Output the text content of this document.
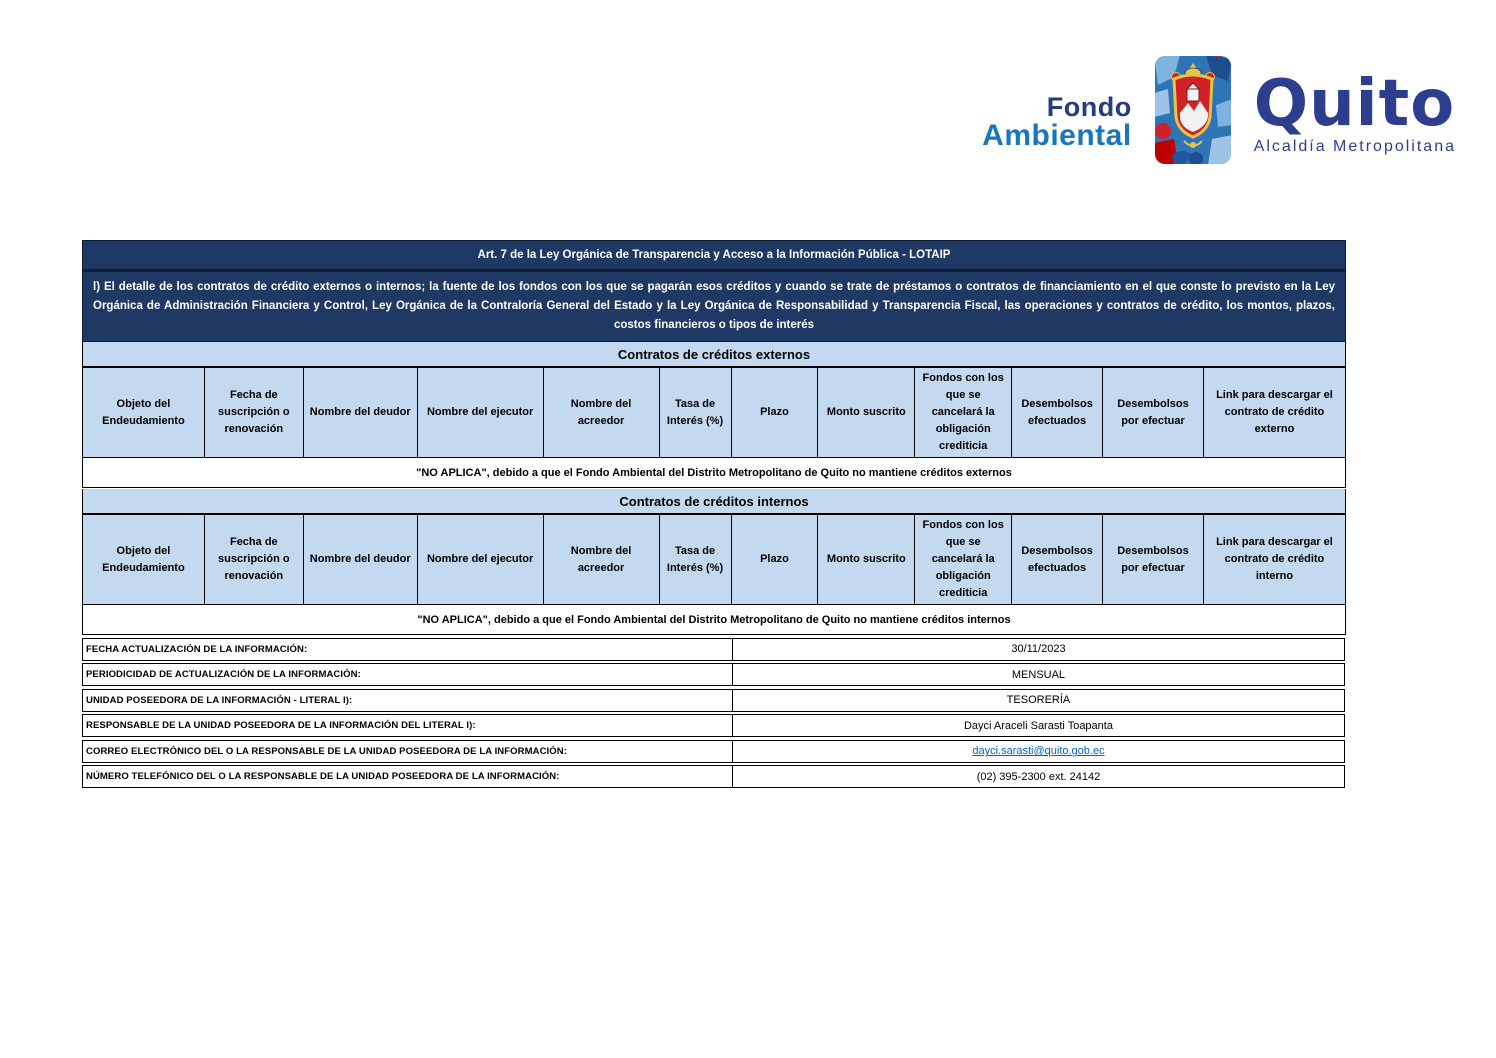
Fondo
Ambiental Quito
Alcaldía Metropolitana
Art. 7 de la Ley Orgánica de Transparencia y Acceso a la Información Pública - LOTAIP
l) El detalle de los contratos de crédito externos o internos; la fuente de los fondos con los que se pagarán esos créditos y cuando se trate de préstamos o contratos de financiamiento en el que conste lo previsto en la Ley Orgánica de Administración Financiera y Control, Ley Orgánica de la Contraloría General del Estado y la Ley Orgánica de Responsabilidad y Transparencia Fiscal, las operaciones y contratos de crédito, los montos, plazos, costos financieros o tipos de interés
Contratos de créditos externos
Objeto del Endeudamiento	Fecha de suscripción o renovación	Nombre del deudor	Nombre del ejecutor	Nombre del acreedor	Tasa de Interés (%)	Plazo	Monto suscrito	Fondos con los que se cancelará la obligación crediticia	Desembolsos efectuados	Desembolsos por efectuar	Link para descargar el contrato de crédito externo
"NO APLICA", debido a que el Fondo Ambiental del Distrito Metropolitano de Quito no mantiene créditos externos
Contratos de créditos internos
Objeto del Endeudamiento	Fecha de suscripción o renovación	Nombre del deudor	Nombre del ejecutor	Nombre del acreedor	Tasa de Interés (%)	Plazo	Monto suscrito	Fondos con los que se cancelará la obligación crediticia	Desembolsos efectuados	Desembolsos por efectuar	Link para descargar el contrato de crédito interno
"NO APLICA", debido a que el Fondo Ambiental del Distrito Metropolitano de Quito no mantiene créditos internos
FECHA ACTUALIZACIÓN DE LA INFORMACIÓN:	30/11/2023
PERIODICIDAD DE ACTUALIZACIÓN DE LA INFORMACIÓN:	MENSUAL
UNIDAD POSEEDORA DE LA INFORMACIÓN - LITERAL l):	TESORERÍA
RESPONSABLE DE LA UNIDAD POSEEDORA DE LA INFORMACIÓN DEL LITERAL l):	Dayci Araceli Sarasti Toapanta
CORREO ELECTRÓNICO DEL O LA RESPONSABLE DE LA UNIDAD POSEEDORA DE LA INFORMACIÓN:	dayci.sarasti@quito.gob.ec
NÚMERO TELEFÓNICO DEL O LA RESPONSABLE DE LA UNIDAD POSEEDORA DE LA INFORMACIÓN:	(02) 395-2300 ext. 24142
